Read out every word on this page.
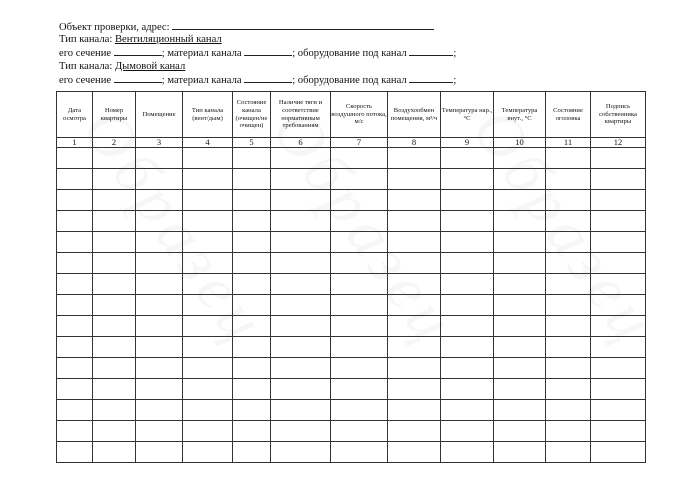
Объект проверки, адрес:
Тип канала: Вентиляционный канал
его сечение	; материал канала	; оборудование под канал	;
Тип канала: Дымовой канал
его сечение	; материал канала	; оборудование под канал	;
Дата осмотра	Номер квартиры	Помещение	Тип канала (вент/дым)	Состояние канала (очищен/не очищен)	Наличие тяги и соответствие нормативным требованиям	Скорость воздушного потока, м/с	Воздухообмен помещения, м³/ч	Температура нар., °С	Температура внут., °С	Состояние оголовка	Подпись собственника квартиры
1	2	3	4	5	6	7	8	9	10	11	12
